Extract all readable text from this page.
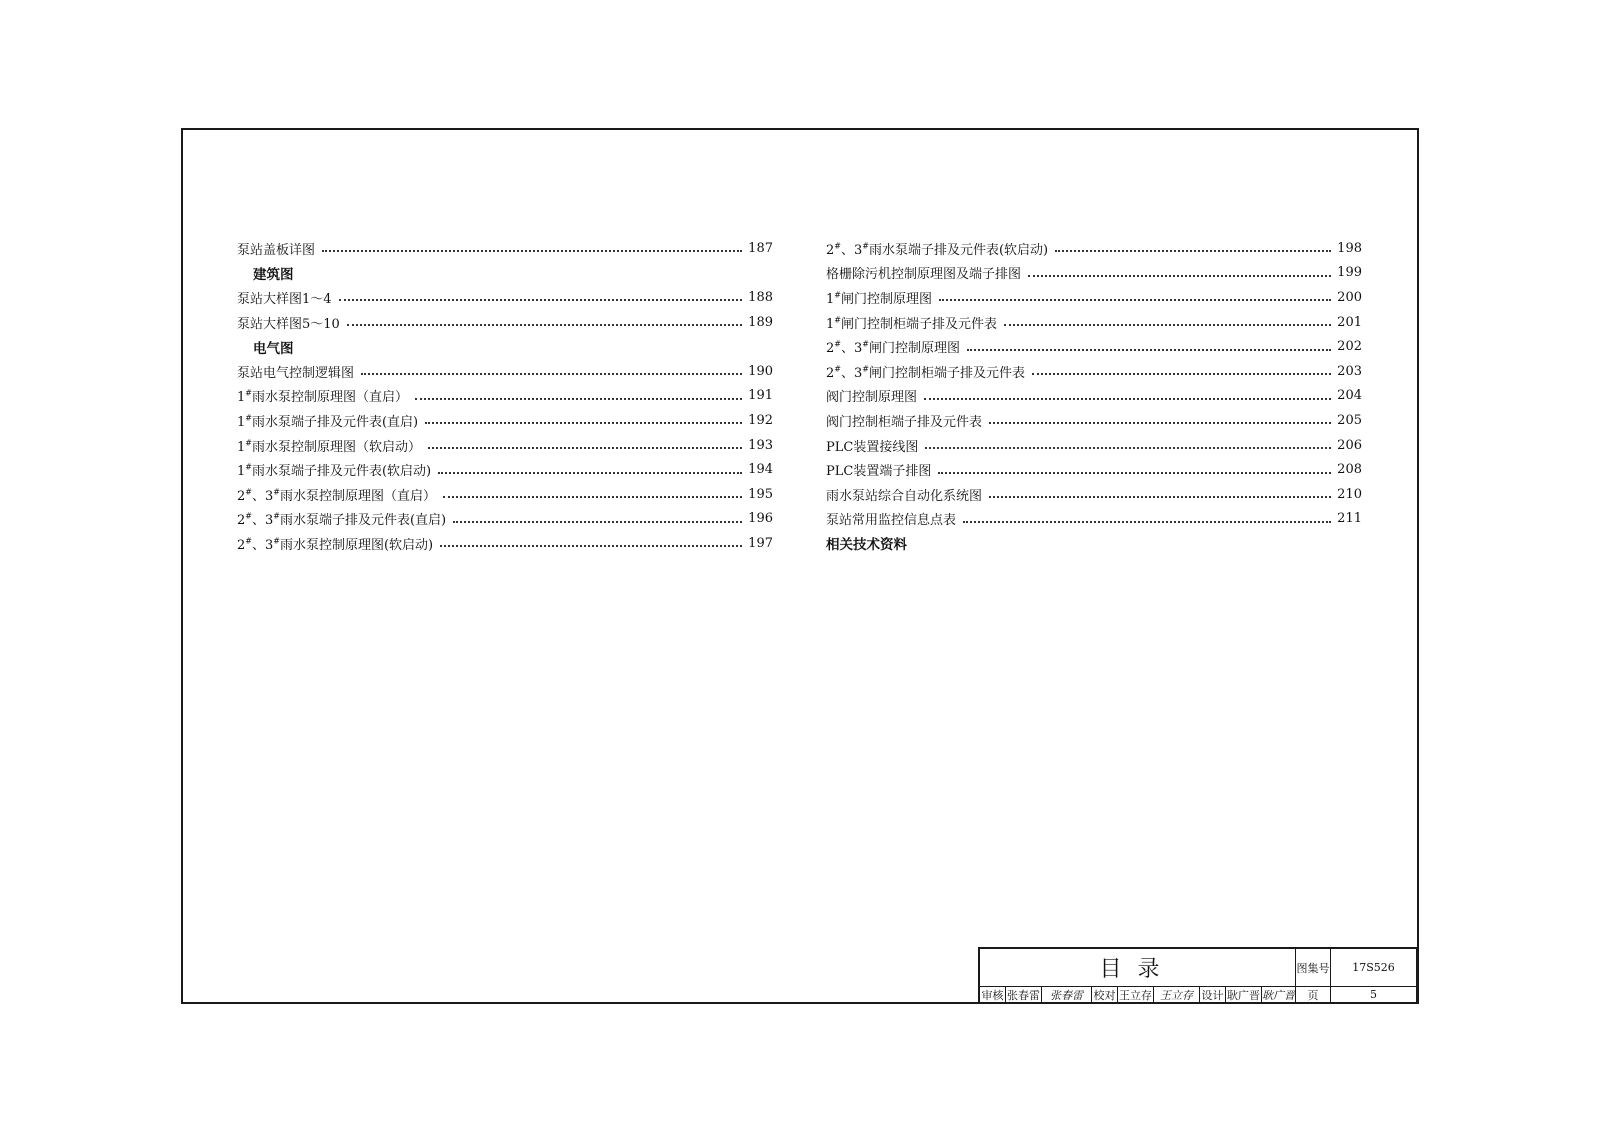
泵站盖板详图	187
建筑图
泵站大样图1～4	188
泵站大样图5～10	189
电气图
泵站电气控制逻辑图	190
1#雨水泵控制原理图（直启）	191
1#雨水泵端子排及元件表(直启)	192
1#雨水泵控制原理图（软启动）	193
1#雨水泵端子排及元件表(软启动)	194
2#、3#雨水泵控制原理图（直启）	195
2#、3#雨水泵端子排及元件表(直启)	196
2#、3#雨水泵控制原理图(软启动)	197
2#、3#雨水泵端子排及元件表(软启动)	198
格栅除污机控制原理图及端子排图	199
1#闸门控制原理图	200
1#闸门控制柜端子排及元件表	201
2#、3#闸门控制原理图	202
2#、3#闸门控制柜端子排及元件表	203
阀门控制原理图	204
阀门控制柜端子排及元件表	205
PLC装置接线图	206
PLC装置端子排图	208
雨水泵站综合自动化系统图	210
泵站常用监控信息点表	211
相关技术资料
目录	图集号	17S526
审核 张春雷 张春雷 校对 王立存 王立存 设计 耿广晋 耿广晋	页	5
